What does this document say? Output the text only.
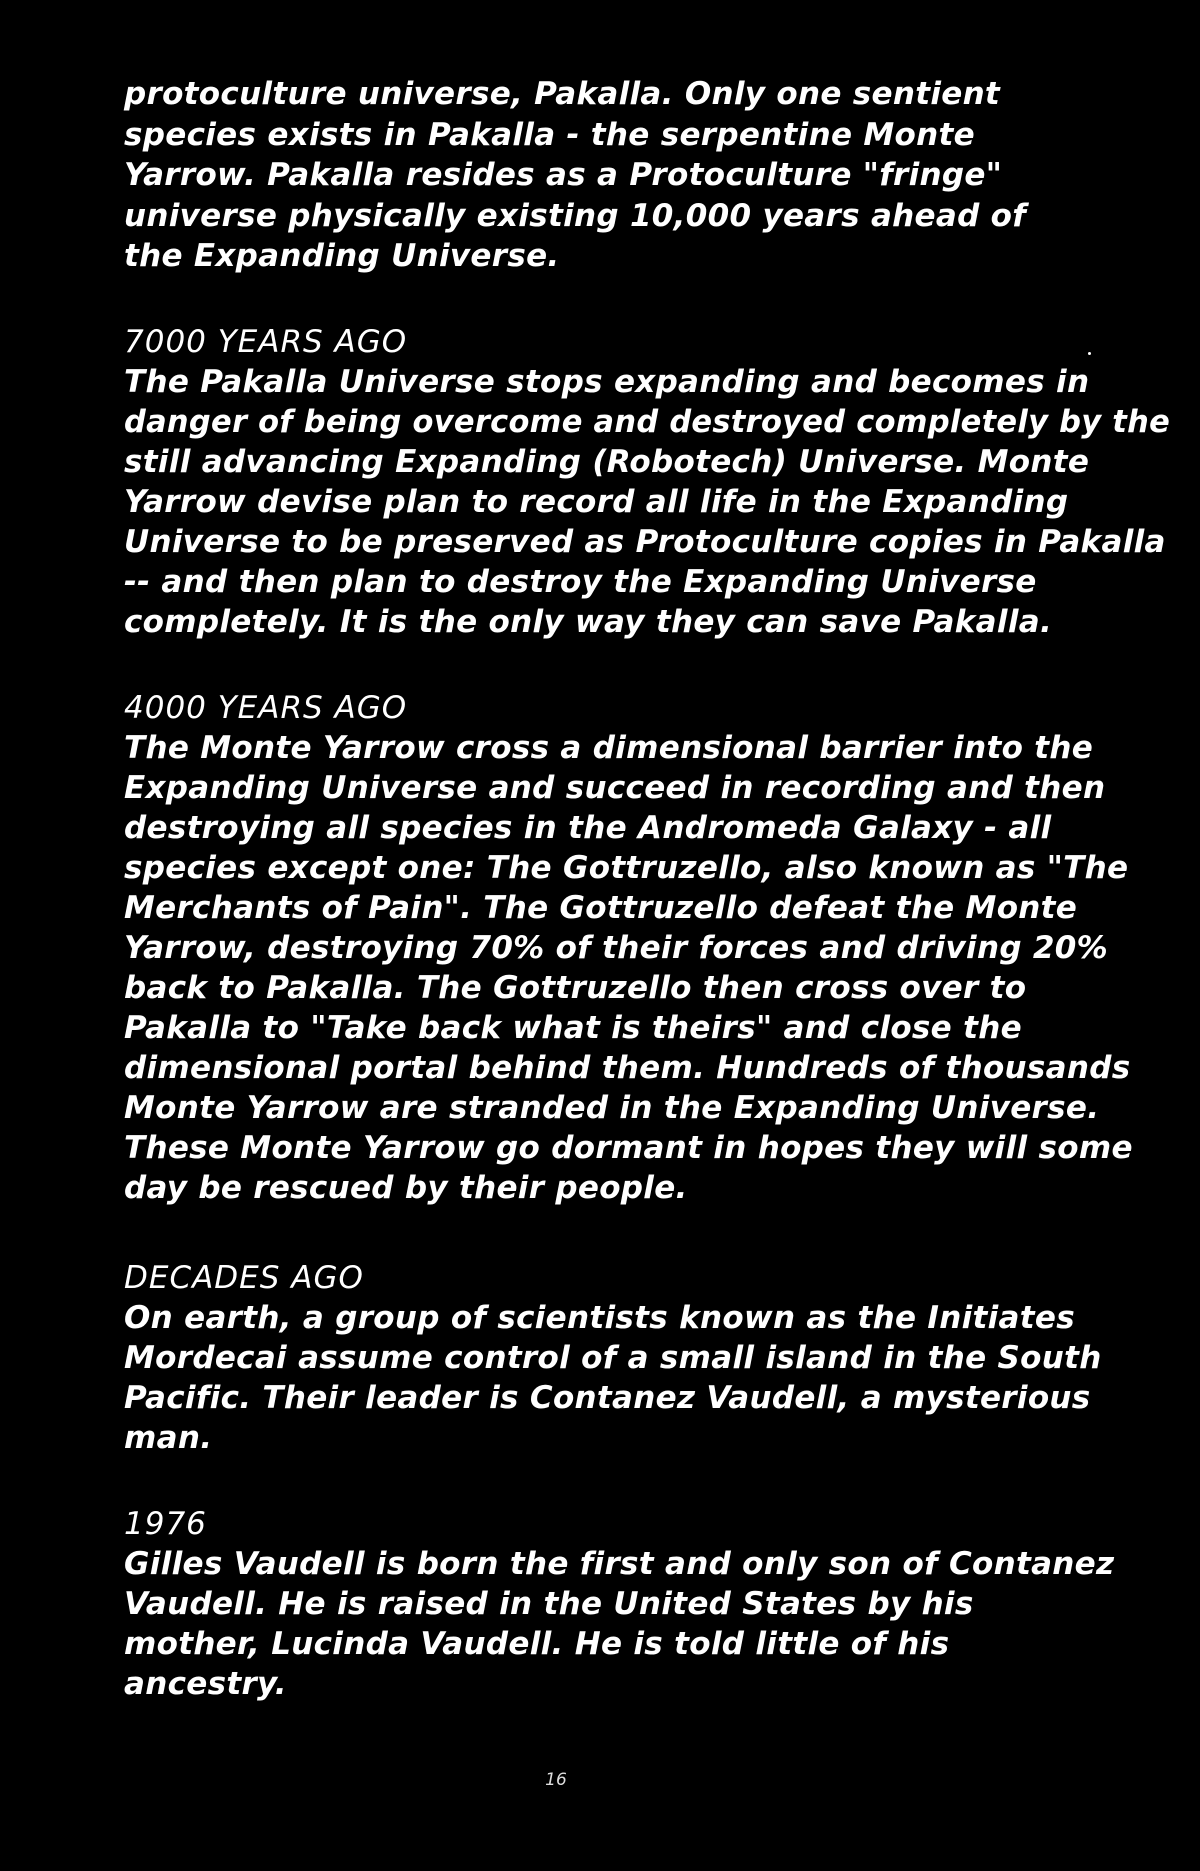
protoculture universe, Pakalla. Only one sentient

species exists in Pakalla - the serpentine Monte

Yarrow. Pakalla resides as a Protoculture "fringe"

universe physically existing 10,000 years ahead of

the Expanding Universe.

7000 YEARS AGO

The Pakalla Universe stops expanding and becomes in

danger of being overcome and destroyed completely by the

still advancing Expanding (Robotech) Universe. Monte

Yarrow devise plan to record all life in the Expanding

Universe to be preserved as Protoculture copies in Pakalla

-- and then plan to destroy the Expanding Universe

completely. It is the only way they can save Pakalla.

4000 YEARS AGO

The Monte Yarrow cross a dimensional barrier into the

Expanding Universe and succeed in recording and then

destroying all species in the Andromeda Galaxy - all

species except one: The Gottruzello, also known as "The

Merchants of Pain". The Gottruzello defeat the Monte

Yarrow, destroying 70% of their forces and driving 20%

back to Pakalla. The Gottruzello then cross over to

Pakalla to "Take back what is theirs" and close the

dimensional portal behind them. Hundreds of thousands

Monte Yarrow are stranded in the Expanding Universe.

These Monte Yarrow go dormant in hopes they will some

day be rescued by their people.

DECADES AGO

On earth, a group of scientists known as the Initiates

Mordecai assume control of a small island in the South

Pacific. Their leader is Contanez Vaudell, a mysterious

man.

1976

Gilles Vaudell is born the first and only son of Contanez

Vaudell. He is raised in the United States by his

mother, Lucinda Vaudell. He is told little of his

ancestry.

16
